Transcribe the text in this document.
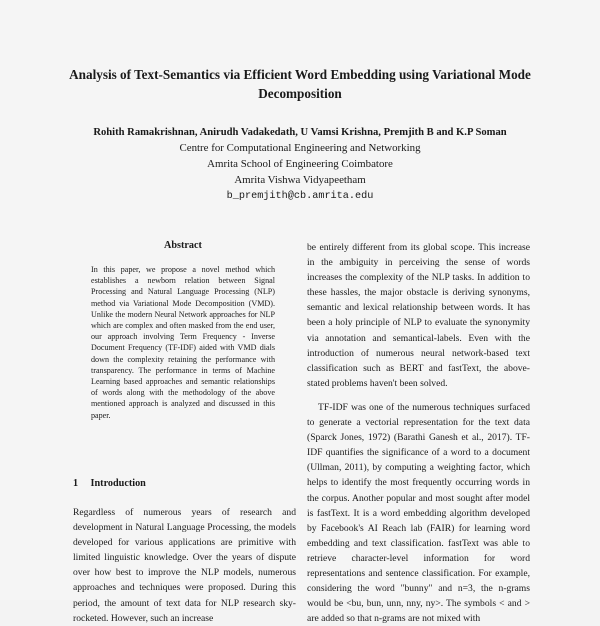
Analysis of Text-Semantics via Efficient Word Embedding using Variational Mode Decomposition
Rohith Ramakrishnan, Anirudh Vadakedath, U Vamsi Krishna, Premjith B and K.P Soman
Centre for Computational Engineering and Networking
Amrita School of Engineering Coimbatore
Amrita Vishwa Vidyapeetham
b_premjith@cb.amrita.edu
Abstract
In this paper, we propose a novel method which establishes a newborn relation between Signal Processing and Natural Language Processing (NLP) method via Variational Mode Decomposition (VMD). Unlike the modern Neural Network approaches for NLP which are complex and often masked from the end user, our approach involving Term Frequency - Inverse Document Frequency (TF-IDF) aided with VMD dials down the complexity retaining the performance with transparency. The performance in terms of Machine Learning based approaches and semantic relationships of words along with the methodology of the above mentioned approach is analyzed and discussed in this paper.
1 Introduction
Regardless of numerous years of research and development in Natural Language Processing, the models developed for various applications are primitive with limited linguistic knowledge. Over the years of dispute over how best to improve the NLP models, numerous approaches and techniques were proposed. During this period, the amount of text data for NLP research sky-rocketed. However, such an increase

be entirely different from its global scope. This increase in the ambiguity in perceiving the sense of words increases the complexity of the NLP tasks. In addition to these hassles, the major obstacle is deriving synonyms, semantic and lexical relationship between words. It has been a holy principle of NLP to evaluate the synonymity via annotation and semantical-labels. Even with the introduction of numerous neural network-based text classification such as BERT and fastText, the above-stated problems haven't been solved.

TF-IDF was one of the numerous techniques surfaced to generate a vectorial representation for the text data (Sparck Jones, 1972) (Barathi Ganesh et al., 2017). TF-IDF quantifies the significance of a word to a document (Ullman, 2011), by computing a weighting factor, which helps to identify the most frequently occurring words in the corpus. Another popular and most sought after model is fastText. It is a word embedding algorithm developed by Facebook's AI Reach lab (FAIR) for learning word embedding and text classification. fastText was able to retrieve character-level information for word representations and sentence classification. For example, considering the word "bunny" and n=3, the n-grams would be <bu, bun, unn, nny, ny>. The symbols < and > are added so that n-grams are not mixed with
